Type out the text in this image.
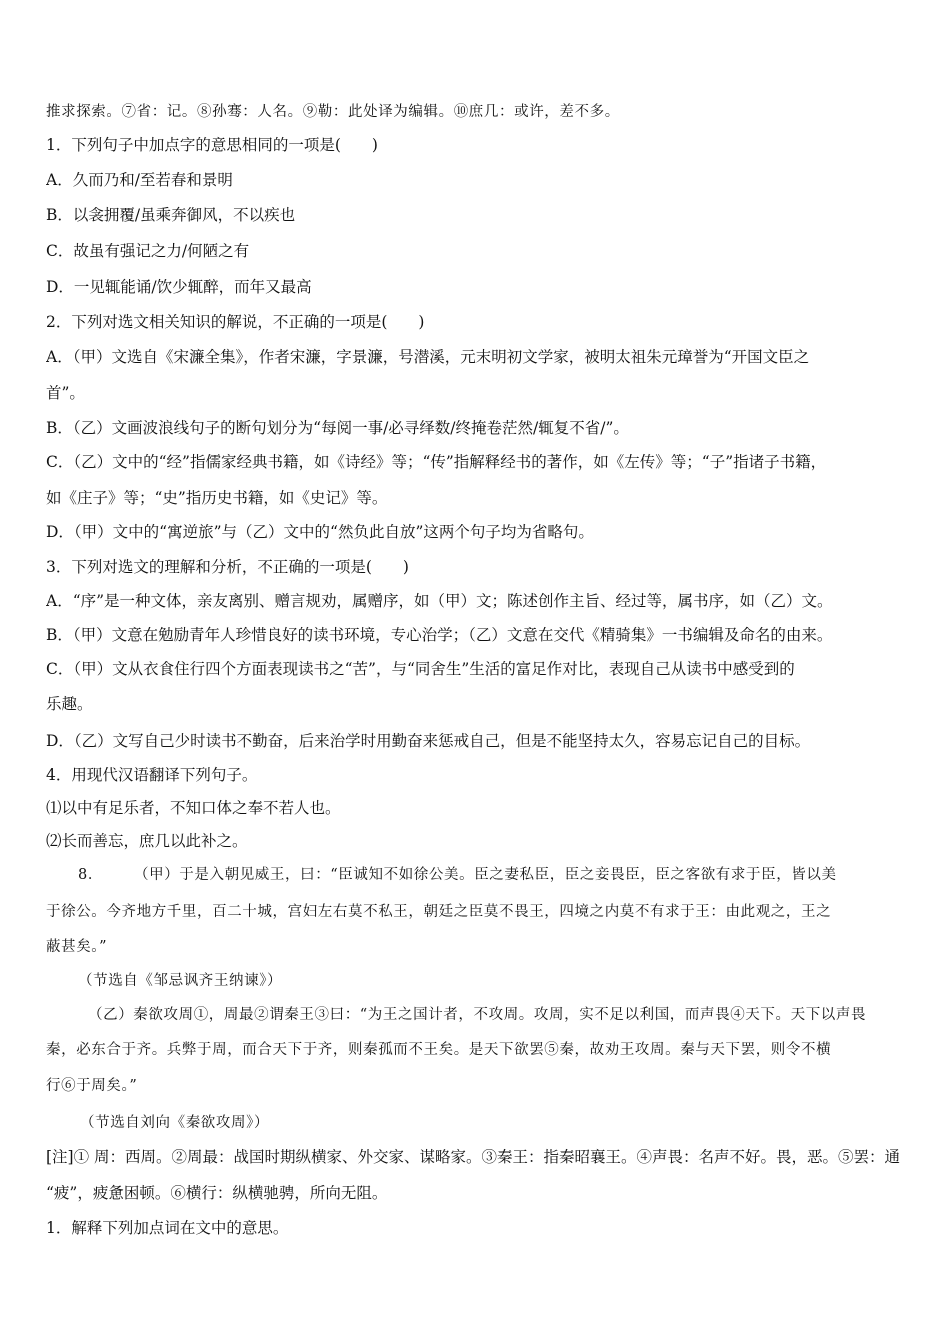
推求探索。⑦省：记。⑧孙骞：人名。⑨勒：此处译为编辑。⑩庶几：或许，差不多。
1．下列句子中加点字的意思相同的一项是(　　)
A．久而乃和/至若春和景明
B．以衾拥覆/虽乘奔御风，不以疾也
C．故虽有强记之力/何陋之有
D．一见辄能诵/饮少辄醉，而年又最高
2．下列对选文相关知识的解说，不正确的一项是(　　)
A．（甲）文选自《宋濂全集》，作者宋濂，字景濂，号潜溪，元末明初文学家，被明太祖朱元璋誉为“开国文臣之
首”。
B．（乙）文画波浪线句子的断句划分为“每阅一事/必寻绎数/终掩卷茫然/辄复不省/”。
C．（乙）文中的“经”指儒家经典书籍，如《诗经》等；“传”指解释经书的著作，如《左传》等；“子”指诸子书籍，
如《庄子》等；“史”指历史书籍，如《史记》等。
D．（甲）文中的“寓逆旅”与（乙）文中的“然负此自放”这两个句子均为省略句。
3．下列对选文的理解和分析，不正确的一项是(　　)
A．“序”是一种文体，亲友离别、赠言规劝，属赠序，如（甲）文；陈述创作主旨、经过等，属书序，如（乙）文。
B．（甲）文意在勉励青年人珍惜良好的读书环境，专心治学；（乙）文意在交代《精骑集》一书编辑及命名的由来。
C．（甲）文从衣食住行四个方面表现读书之“苦”，与“同舍生”生活的富足作对比，表现自己从读书中感受到的
乐趣。
D．（乙）文写自己少时读书不勤奋，后来治学时用勤奋来惩戒自己，但是不能坚持太久，容易忘记自己的目标。
4．用现代汉语翻译下列句子。
⑴以中有足乐者，不知口体之奉不若人也。
⑵长而善忘，庶几以此补之。
8． （甲）于是入朝见威王，曰：“臣诚知不如徐公美。臣之妻私臣，臣之妾畏臣，臣之客欲有求于臣，皆以美
于徐公。今齐地方千里，百二十城，宫妇左右莫不私王，朝廷之臣莫不畏王，四境之内莫不有求于王：由此观之，王之
蔽甚矣。”
（节选自《邹忌讽齐王纳谏》）
（乙）秦欲攻周①，周最②谓秦王③曰：“为王之国计者，不攻周。攻周，实不足以利国，而声畏④天下。天下以声畏
秦，必东合于齐。兵弊于周，而合天下于齐，则秦孤而不王矣。是天下欲罢⑤秦，故劝王攻周。秦与天下罢，则令不横
行⑥于周矣。”
（节选自刘向《秦欲攻周》）
[注]① 周：西周。②周最：战国时期纵横家、外交家、谋略家。③秦王：指秦昭襄王。④声畏：名声不好。畏，恶。⑤罢：通
“疲”，疲惫困顿。⑥横行：纵横驰骋，所向无阻。
1．解释下列加点词在文中的意思。
